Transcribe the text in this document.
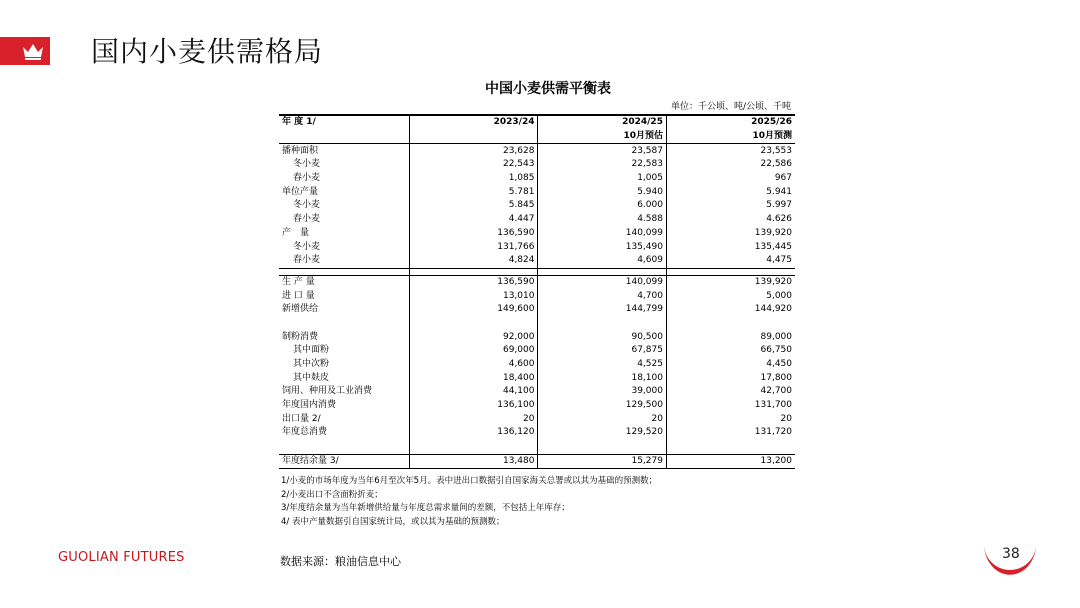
国内小麦供需格局
中国小麦供需平衡表
单位：千公顷、吨/公顷、千吨
年 度 1/	2023/24	2024/25	2025/26
		10月预估	10月预测
播种面积	23,628	23,587	23,553
冬小麦	22,543	22,583	22,586
春小麦	1,085	1,005	967
单位产量	5.781	5.940	5.941
冬小麦	5.845	6.000	5.997
春小麦	4.447	4.588	4.626
产　量	136,590	140,099	139,920
冬小麦	131,766	135,490	135,445
春小麦	4,824	4,609	4,475

生 产 量	136,590	140,099	139,920
进 口 量	13,010	4,700	5,000
新增供给	149,600	144,799	144,920

制粉消费	92,000	90,500	89,000
其中面粉	69,000	67,875	66,750
其中次粉	4,600	4,525	4,450
其中麸皮	18,400	18,100	17,800
饲用、种用及工业消费	44,100	39,000	42,700
年度国内消费	136,100	129,500	131,700
出口量 2/	20	20	20
年度总消费	136,120	129,520	131,720

年度结余量 3/	13,480	15,279	13,200
1/小麦的市场年度为当年6月至次年5月。表中进出口数据引自国家海关总署或以其为基础的预测数；
2/小麦出口不含面粉折麦；
3/年度结余量为当年新增供给量与年度总需求量间的差额，不包括上年库存；
4/ 表中产量数据引自国家统计局，或以其为基础的预测数；
GUOLIAN FUTURES	数据来源：粮油信息中心	38
